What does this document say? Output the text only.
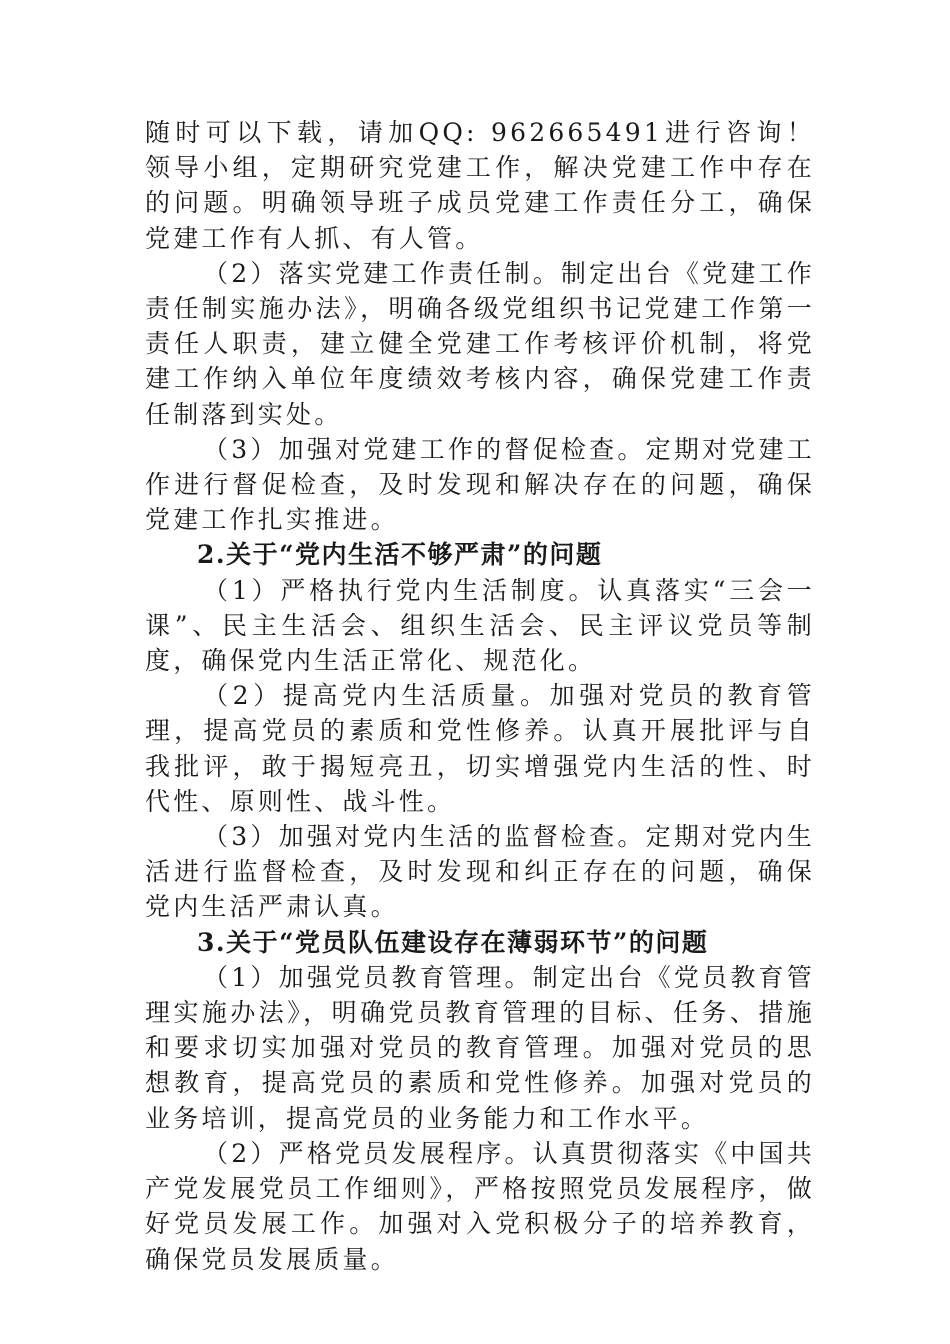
随时可以下载，请加QQ: 962665491进行咨询！ 领导小组，定期研究党建工作，解决党建工作中存在的问题。明确领导班子成员党建工作责任分工，确保党建工作有人抓、有人管。

（2）落实党建工作责任制。制定出台《党建工作责任制实施办法》，明确各级党组织书记党建工作第一责任人职责，建立健全党建工作考核评价机制，将党建工作纳入单位年度绩效考核内容，确保党建工作责任制落到实处。

（3）加强对党建工作的督促检查。定期对党建工作进行督促检查，及时发现和解决存在的问题，确保党建工作扎实推进。

2.关于“党内生活不够严肃”的问题

（1）严格执行党内生活制度。认真落实“三会一课”、民主生活会、组织生活会、民主评议党员等制度，确保党内生活正常化、规范化。

（2）提高党内生活质量。加强对党员的教育管理，提高党员的素质和党性修养。认真开展批评与自我批评，敢于揭短亮丑，切实增强党内生活的性、时代性、原则性、战斗性。

（3）加强对党内生活的监督检查。定期对党内生活进行监督检查，及时发现和纠正存在的问题，确保党内生活严肃认真。

3.关于“党员队伍建设存在薄弱环节”的问题

（1）加强党员教育管理。制定出台《党员教育管理实施办法》，明确党员教育管理的目标、任务、措施和要求切实加强对党员的教育管理。加强对党员的思想教育，提高党员的素质和党性修养。加强对党员的业务培训，提高党员的业务能力和工作水平。

（2）严格党员发展程序。认真贯彻落实《中国共产党发展党员工作细则》，严格按照党员发展程序，做好党员发展工作。加强对入党积极分子的培养教育，确保党员发展质量。
